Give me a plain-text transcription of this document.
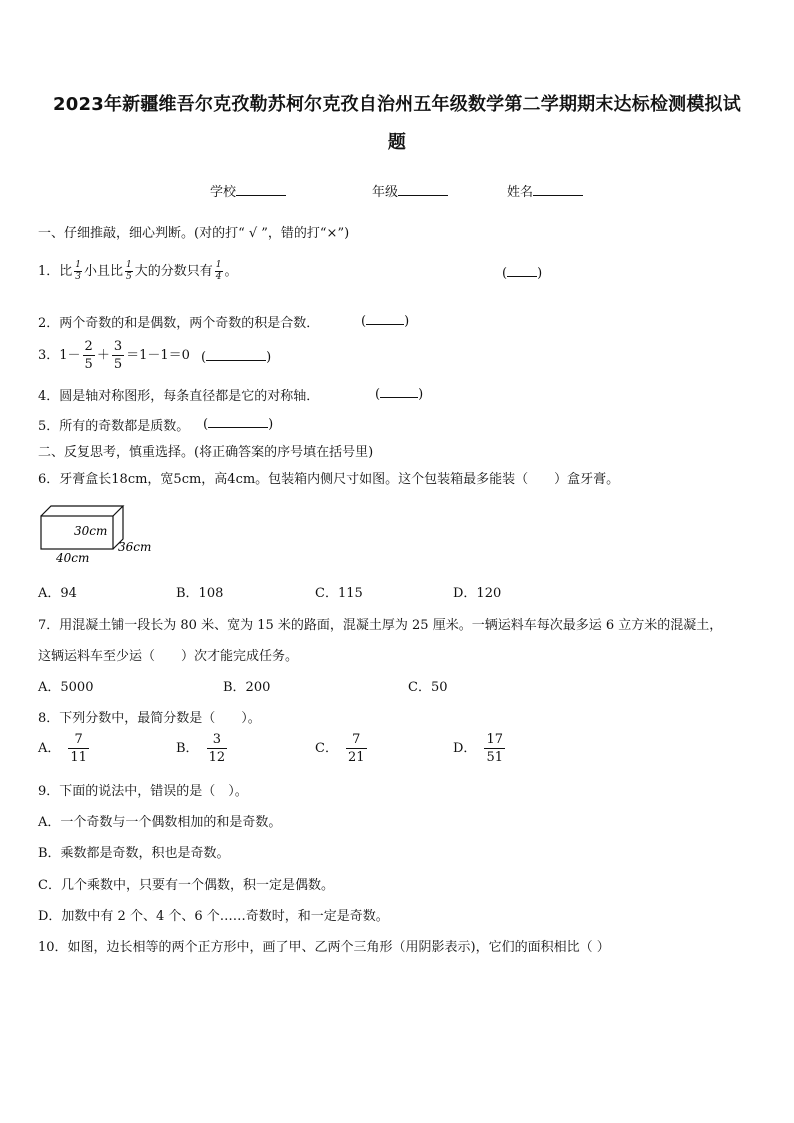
2023年新疆维吾尔克孜勒苏柯尔克孜自治州五年级数学第二学期期末达标检测模拟试
题
学校	年级	姓名
一、仔细推敲，细心判断。(对的打“ √ ”，错的打“×”)
1．比 $\frac{1}{3}$ 小且比 $\frac{1}{5}$ 大的分数只有 $\frac{1}{4}$ 。	( )
2．两个奇数的和是偶数，两个奇数的积是合数．	(	)
3．$1- \frac{2}{5} + \frac{3}{5} =1-1=0$ (	)
4．圆是轴对称图形，每条直径都是它的对称轴．	(	)
5．所有的奇数都是质数。 (	)
二、反复思考，慎重选择。(将正确答案的序号填在括号里)
6．牙膏盒长18cm，宽5cm，高4cm。包装箱内侧尺寸如图。这个包装箱最多能装（　　）盒牙膏。
30cm
36cm
40cm
A．94	B．108	C．115	D．120
7．用混凝土铺一段长为 80 米、宽为 15 米的路面，混凝土厚为 25 厘米。一辆运料车每次最多运 6 立方米的混凝土，
这辆运料车至少运（　　）次才能完成任务。
A．5000	B．200	C．50
8．下列分数中，最简分数是（　　）。
A． $\frac{7}{11}$	B． $\frac{3}{12}$	C． $\frac{7}{21}$	D． $\frac{17}{51}$
9．下面的说法中，错误的是（　）。
A．一个奇数与一个偶数相加的和是奇数。
B．乘数都是奇数，积也是奇数。
C．几个乘数中，只要有一个偶数，积一定是偶数。
D．加数中有 2 个、4 个、6 个……奇数时，和一定是奇数。
10．如图，边长相等的两个正方形中，画了甲、乙两个三角形（用阴影表示)，它们的面积相比（ ）
